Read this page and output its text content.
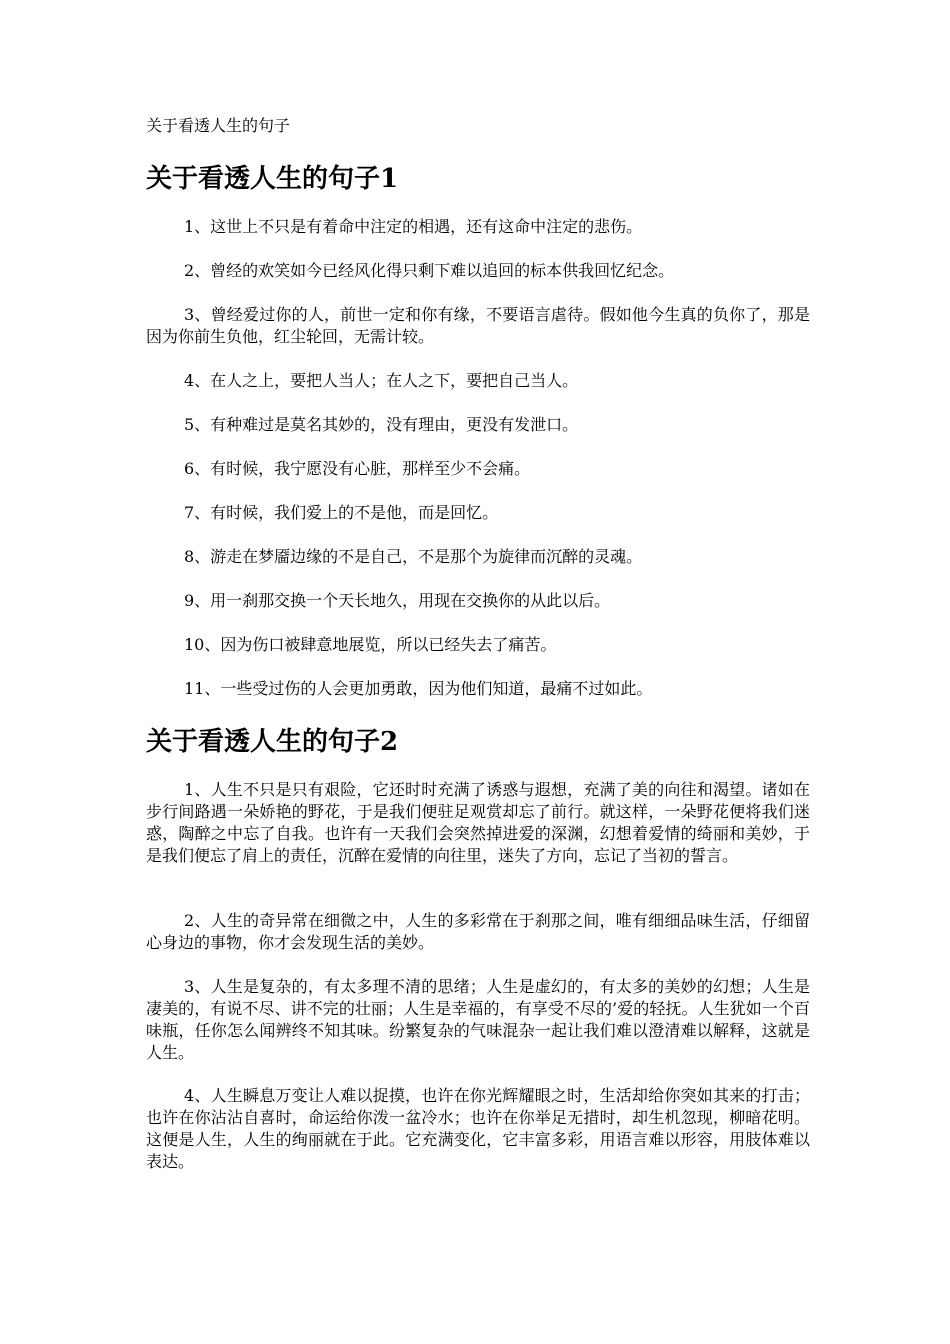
关于看透人生的句子
关于看透人生的句子1

1、这世上不只是有着命中注定的相遇，还有这命中注定的悲伤。

2、曾经的欢笑如今已经风化得只剩下难以追回的标本供我回忆纪念。

3、曾经爱过你的人，前世一定和你有缘，不要语言虐待。假如他今生真的负你了，那是因为你前生负他，红尘轮回，无需计较。

4、在人之上，要把人当人；在人之下，要把自己当人。

5、有种难过是莫名其妙的，没有理由，更没有发泄口。

6、有时候，我宁愿没有心脏，那样至少不会痛。

7、有时候，我们爱上的不是他，而是回忆。

8、游走在梦靥边缘的不是自己，不是那个为旋律而沉醉的灵魂。

9、用一刹那交换一个天长地久，用现在交换你的从此以后。

10、因为伤口被肆意地展览，所以已经失去了痛苦。

11、一些受过伤的人会更加勇敢，因为他们知道，最痛不过如此。

关于看透人生的句子2

1、人生不只是只有艰险，它还时时充满了诱惑与遐想，充满了美的向往和渴望。诸如在步行间路遇一朵娇艳的野花，于是我们便驻足观赏却忘了前行。就这样，一朵野花便将我们迷惑，陶醉之中忘了自我。也许有一天我们会突然掉进爱的深渊，幻想着爱情的绮丽和美妙，于是我们便忘了肩上的责任，沉醉在爱情的向往里，迷失了方向，忘记了当初的誓言。

2、人生的奇异常在细微之中，人生的多彩常在于刹那之间，唯有细细品味生活，仔细留心身边的事物，你才会发现生活的美妙。

3、人生是复杂的，有太多理不清的思绪；人生是虚幻的，有太多的美妙的幻想；人生是凄美的，有说不尽、讲不完的壮丽；人生是幸福的，有享受不尽的’爱的轻抚。人生犹如一个百味瓶，任你怎么闻辨终不知其味。纷繁复杂的气味混杂一起让我们难以澄清难以解释，这就是人生。

4、人生瞬息万变让人难以捉摸，也许在你光辉耀眼之时，生活却给你突如其来的打击；也许在你沾沾自喜时，命运给你泼一盆冷水；也许在你举足无措时，却生机忽现，柳暗花明。这便是人生，人生的绚丽就在于此。它充满变化，它丰富多彩，用语言难以形容，用肢体难以表达。
